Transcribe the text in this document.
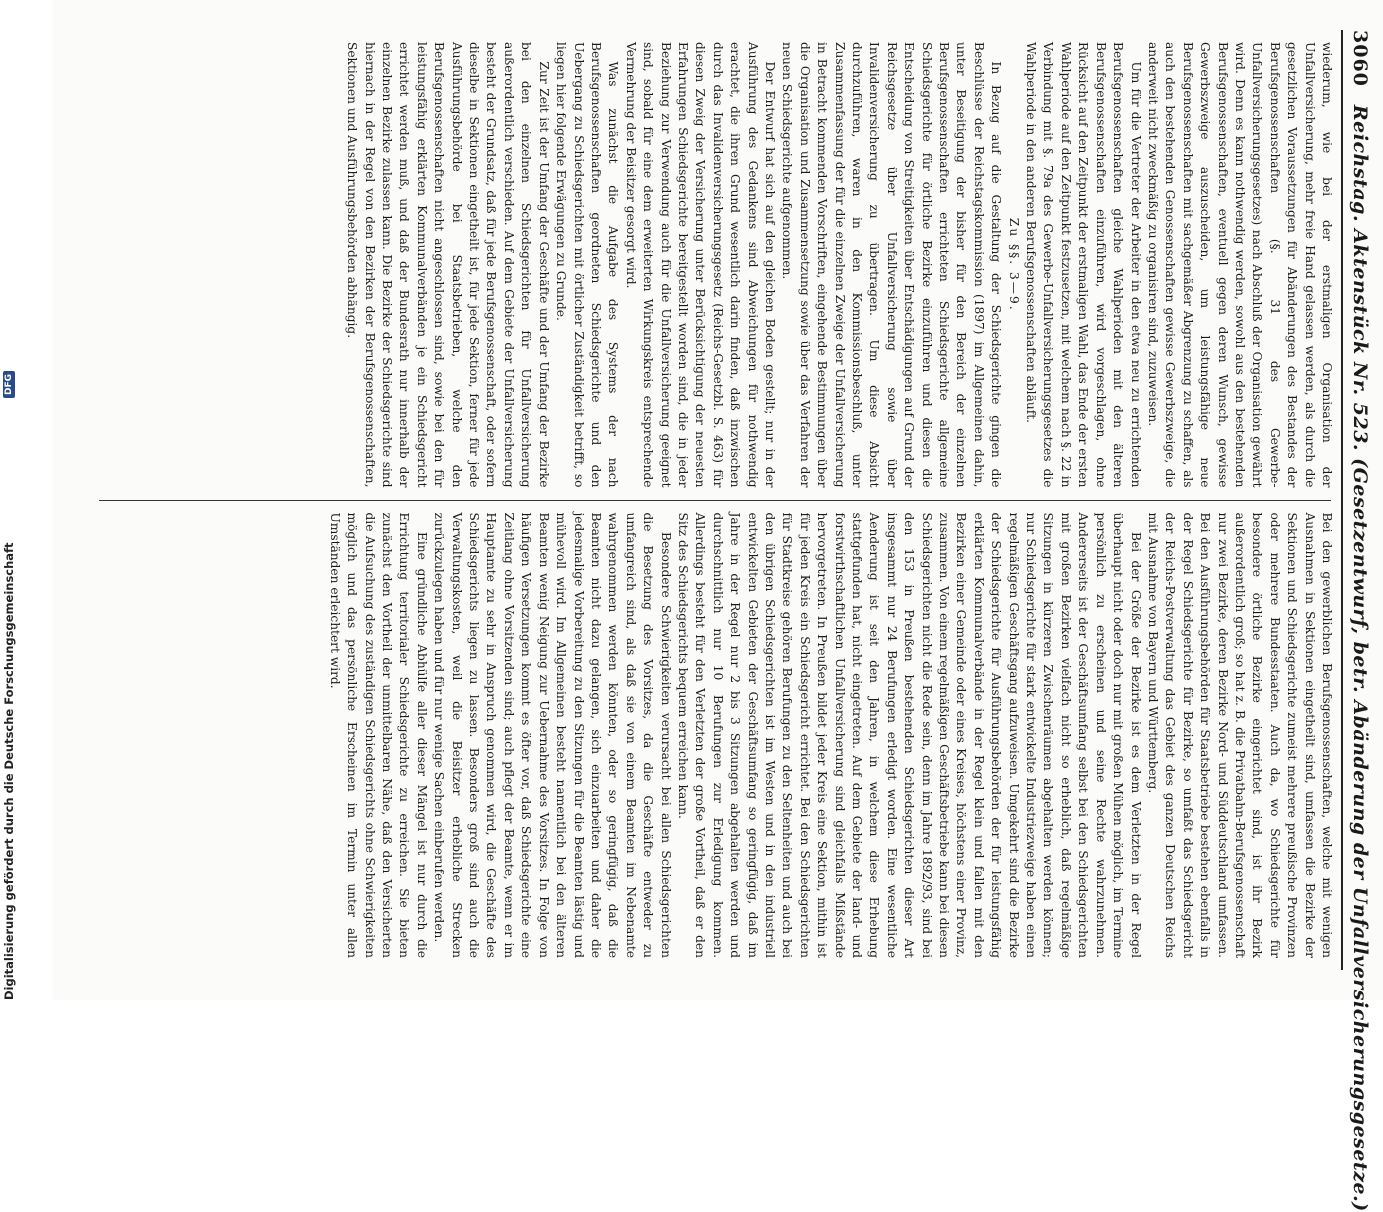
3060
Reichstag. Aktenstück Nr. 523. (Gesetzentwurf, betr. Abänderung der Unfallversicherungsgesetze.)

wiederum, wie bei der erstmaligen Organisation der Unfallversicherung, mehr freie Hand gelassen werden, als durch die gesetzlichen Voraussetzungen für Abänderungen des Bestandes der Berufsgenossenschaften (§. 31 des Gewerbe-Unfallversicherungsgesetzes) nach Abschluß der Organisation gewährt wird. Denn es kann nothwendig werden, sowohl aus den bestehenden Berufsgenossenschaften, eventuell gegen deren Wunsch, gewisse Gewerbszweige auszuscheiden, um leistungsfähige neue Berufsgenossenschaften mit sachgemäßer Abgrenzung zu schaffen, als auch den bestehenden Genossenschaften gewisse Gewerbszweige, die anderweit nicht zweckmäßig zu organisiren sind, zuzuweisen.

Um für die Vertreter der Arbeiter in den etwa neu zu errichtenden Berufsgenossenschaften gleiche Wahlperioden mit den älteren Berufsgenossenschaften einzuführen, wird vorgeschlagen, ohne Rücksicht auf den Zeitpunkt der erstmaligen Wahl, das Ende der ersten Wahlperiode auf den Zeitpunkt festzusetzen, mit welchem nach §. 22 in Verbindung mit §. 79a des Gewerbe-Unfallversicherungsgesetzes die Wahlperiode in den anderen Berufsgenossenschaften abläuft.

Zu §§. 3—9.

In Bezug auf die Gestaltung der Schiedsgerichte gingen die Beschlüsse der Reichstagskommission (1897) im Allgemeinen dahin, unter Beseitigung der bisher für den Bereich der einzelnen Berufsgenossenschaften errichteten Schiedsgerichte allgemeine Schiedsgerichte für örtliche Bezirke einzuführen und diesen die Entscheidung von Streitigkeiten über Entschädigungen auf Grund der Reichsgesetze über Unfallversicherung sowie über Invalidenversicherung zu übertragen. Um diese Absicht durchzuführen, waren in den Kommissionsbeschluß, unter Zusammenfassung der für die einzelnen Zweige der Unfallversicherung in Betracht kommenden Vorschriften, eingehende Bestimmungen über die Organisation und Zusammensetzung sowie über das Verfahren der neuen Schiedsgerichte aufgenommen.

Der Entwurf hat sich auf den gleichen Boden gestellt; nur in der Ausführung des Gedankens sind Abweichungen für nothwendig erachtet, die ihren Grund wesentlich darin finden, daß inzwischen durch das Invalidenversicherungsgesetz (Reichs-Gesetzbl. S. 463) für diesen Zweig der Versicherung unter Berücksichtigung der neuesten Erfahrungen Schiedsgerichte bereitgestellt worden sind, die in jeder Beziehung zur Verwendung auch für die Unfallversicherung geeignet sind, sobald für eine dem erweiterten Wirkungskreis entsprechende Vermehrung der Beisitzer gesorgt wird.

Was zunächst die Aufgabe des Systems der nach Berufsgenossenschaften geordneten Schiedsgerichte und den Uebergang zu Schiedsgerichten mit örtlicher Zuständigkeit betrifft, so liegen hier folgende Erwägungen zu Grunde.

Zur Zeit ist der Umfang der Geschäfte und der Umfang der Bezirke bei den einzelnen Schiedsgerichten für Unfallversicherung außerordentlich verschieden. Auf dem Gebiete der Unfallversicherung besteht der Grundsatz, daß für jede Berufsgenossenschaft, oder sofern dieselbe in Sektionen eingetheilt ist, für jede Sektion, ferner für jede Ausführungsbehörde bei Staatsbetrieben, welche den Berufsgenossenschaften nicht angeschlossen sind, sowie bei den für leistungsfähig erklärten Kommunalverbänden je ein Schiedsgericht errichtet werden muß, und daß der Bundesrath nur innerhalb der einzelnen Bezirke zulassen kann. Die Bezirke der Schiedsgerichte sind hiernach in der Regel von den Bezirken der Berufsgenossenschaften, Sektionen und Ausführungsbehörden abhängig.

Bei den gewerblichen Berufsgenossenschaften, welche mit wenigen Ausnahmen in Sektionen eingetheilt sind, umfassen die Bezirke der Sektionen und Schiedsgerichte zumeist mehrere preußische Provinzen oder mehrere Bundesstaaten. Auch da, wo Schiedsgerichte für besondere örtliche Bezirke eingerichtet sind, ist ihr Bezirk außerordentlich groß; so hat z. B. die Privatbahn-Berufsgenossenschaft nur zwei Bezirke, deren Bezirke Nord- und Süddeutschland umfassen. Bei den Ausführungsbehörden für Staatsbetriebe bestehen ebenfalls in der Regel Schiedsgerichte für Bezirke, so umfaßt das Schiedsgericht der Reichs-Postverwaltung das Gebiet des ganzen Deutschen Reichs mit Ausnahme von Bayern und Württemberg.

Bei der Größe der Bezirke ist es dem Verletzten in der Regel überhaupt nicht oder doch nur mit großen Mühen möglich, im Termine persönlich zu erscheinen und seine Rechte wahrzunehmen. Andererseits ist der Geschäftsumfang selbst bei den Schiedsgerichten mit großen Bezirken vielfach nicht so erheblich, daß regelmäßige Sitzungen in kürzeren Zwischenräumen abgehalten werden können; nur Schiedsgerichte für stark entwickelte Industriezweige haben einen regelmäßigen Geschäftsgang aufzuweisen. Umgekehrt sind die Bezirke der Schiedsgerichte für Ausführungsbehörden der für leistungsfähig erklärten Kommunalverbände in der Regel klein und fallen mit den Bezirken einer Gemeinde oder eines Kreises, höchstens einer Provinz, zusammen. Von einem regelmäßigen Geschäftsbetriebe kann bei diesen Schiedsgerichten nicht die Rede sein, denn im Jahre 1892/93, sind bei den 153 in Preußen bestehenden Schiedsgerichten dieser Art insgesammt nur 24 Berufungen erledigt worden. Eine wesentliche Aenderung ist seit den Jahren, in welchem diese Erhebung stattgefunden hat, nicht eingetreten. Auf dem Gebiete der land- und forstwirthschaftlichen Unfallversicherung sind gleichfalls Mißstände hervorgetreten. In Preußen bildet jeder Kreis eine Sektion, mithin ist für jeden Kreis ein Schiedsgericht errichtet. Bei den Schiedsgerichten für Stadtkreise gehören Berufungen zu den Seltenheiten und auch bei den übrigen Schiedsgerichten ist im Westen und in den industriell entwickelten Gebieten der Geschäftsumfang so geringfügig, daß im Jahre in der Regel nur 2 bis 3 Sitzungen abgehalten werden und durchschnittlich nur 10 Berufungen zur Erledigung kommen. Allerdings besteht für den Verletzten der große Vortheil, daß er den Sitz des Schiedsgerichts bequem erreichen kann.

Besondere Schwierigkeiten verursacht bei allen Schiedsgerichten die Besetzung des Vorsitzes, da die Geschäfte entweder zu umfangreich sind, als daß sie von einem Beamten im Nebenamte wahrgenommen werden könnten, oder so geringfügig, daß die Beamten nicht dazu gelangen, sich einzuarbeiten und daher die jedesmalige Vorbereitung zu den Sitzungen für die Beamten lästig und mühevoll wird. Im Allgemeinen besteht namentlich bei den älteren Beamten wenig Neigung zur Uebernahme des Vorsitzes. In Folge von häufigen Versetzungen kommt es öfter vor, daß Schiedsgerichte eine Zeitlang ohne Vorsitzenden sind; auch pflegt der Beamte, wenn er im Hauptamte zu sehr in Anspruch genommen wird, die Geschäfte des Schiedsgerichts liegen zu lassen. Besonders groß sind auch die Verwaltungskosten, weil die Beisitzer erhebliche Strecken zurückzulegen haben und für nur wenige Sachen einberufen werden.

Eine gründliche Abhülfe aller dieser Mängel ist nur durch die Errichtung territorialer Schiedsgerichte zu erreichen. Sie bieten zunächst den Vortheil der unmittelbaren Nähe, daß den Versicherten die Aufsuchung des zuständigen Schiedsgerichts ohne Schwierigkeiten möglich und das persönliche Erscheinen im Termin unter allen Umständen erleichtert wird.

Digitalisierung gefördert durch die Deutsche Forschungsgemeinschaft
DFG
